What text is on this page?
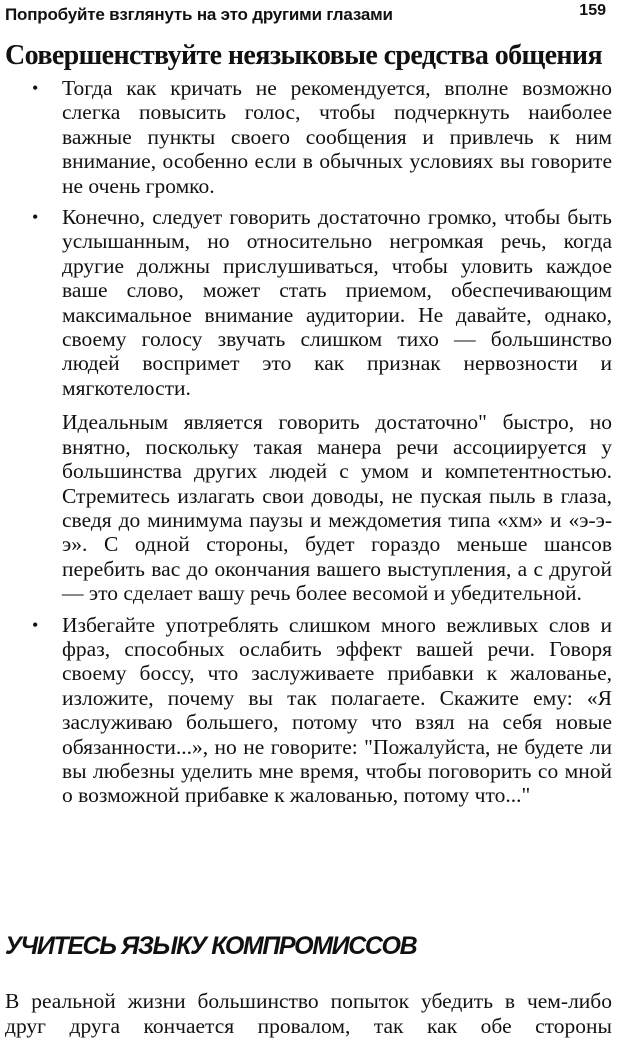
Попробуйте взглянуть на это другими глазами	159
Совершенствуйте неязыковые средства общения
• Тогда как кричать не рекомендуется, вполне возможно слегка повысить голос, чтобы подчеркнуть наиболее важные пункты своего сообщения и привлечь к ним внимание, особенно если в обычных условиях вы говорите не очень громко.
• Конечно, следует говорить достаточно громко, чтобы быть услышанным, но относительно негромкая речь, когда другие должны прислушиваться, чтобы уловить каждое ваше слово, может стать приемом, обеспечивающим максимальное внимание аудитории. Не давайте, однако, своему голосу звучать слишком тихо — большинство людей воспримет это как признак нервозности и мягкотелости.
Идеальным является говорить достаточно" быстро, но внятно, поскольку такая манера речи ассоциируется у большинства других людей с умом и компетентностью. Стремитесь излагать свои доводы, не пуская пыль в глаза, сведя до минимума паузы и междометия типа «хм» и «э-э-э». С одной стороны, будет гораздо меньше шансов перебить вас до окончания вашего выступления, а с другой — это сделает вашу речь более весомой и убедительной.
• Избегайте употреблять слишком много вежливых слов и фраз, способных ослабить эффект вашей речи. Говоря своему боссу, что заслуживаете прибавки к жалованье, изложите, почему вы так полагаете. Скажите ему: «Я заслуживаю большего, потому что взял на себя новые обязанности...», но не говорите: "Пожалуйста, не будете ли вы любезны уделить мне время, чтобы поговорить со мной о возможной прибавке к жалованью, потому что..."
УЧИТЕСЬ ЯЗЫКУ КОМПРОМИССОВ

В реальной жизни большинство попыток убедить в чем-либо друг друга кончается провалом, так как обе стороны
